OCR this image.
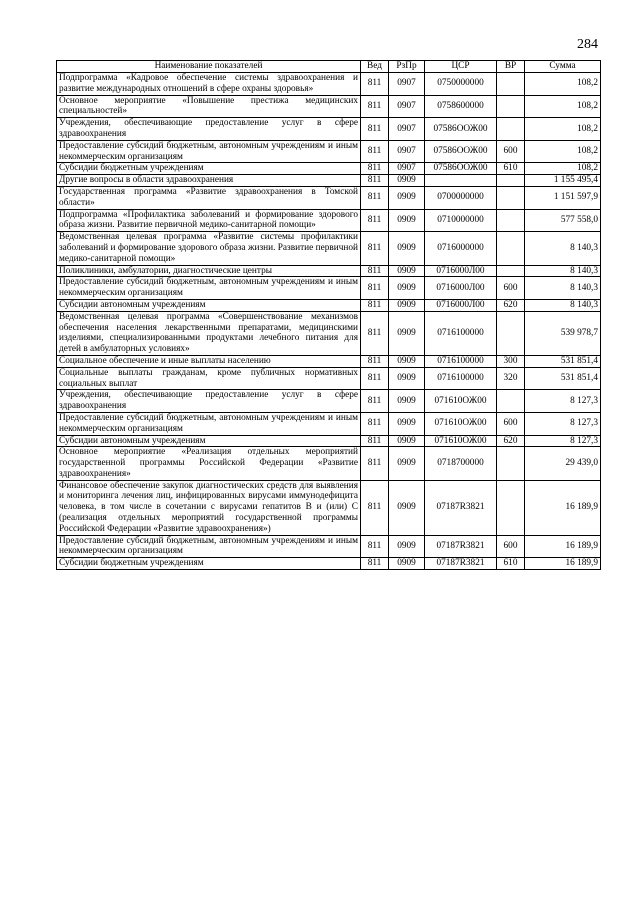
284
Наименование показателей	Вед	РзПр	ЦСР	ВР	Сумма
Подпрограмма «Кадровое обеспечение системы здравоохранения и развитие международных отношений в сфере охраны здоровья»	811	0907	0750000000		108,2
Основное мероприятие «Повышение престижа медицинских специальностей»	811	0907	0758600000		108,2
Учреждения, обеспечивающие предоставление услуг в сфере здравоохранения	811	0907	07586ООЖ00		108,2
Предоставление субсидий бюджетным, автономным учреждениям и иным некоммерческим организациям	811	0907	07586ООЖ00	600	108,2
Субсидии бюджетным учреждениям	811	0907	07586ООЖ00	610	108,2
Другие вопросы в области здравоохранения	811	0909			1 155 495,4
Государственная программа «Развитие здравоохранения в Томской области»	811	0909	0700000000		1 151 597,9
Подпрограмма «Профилактика заболеваний и формирование здорового образа жизни. Развитие первичной медико-санитарной помощи»	811	0909	0710000000		577 558,0
Ведомственная целевая программа «Развитие системы профилактики заболеваний и формирование здорового образа жизни. Развитие первичной медико-санитарной помощи»	811	0909	0716000000		8 140,3
Поликлиники, амбулатории, диагностические центры	811	0909	0716000Л00		8 140,3
Предоставление субсидий бюджетным, автономным учреждениям и иным некоммерческим организациям	811	0909	0716000Л00	600	8 140,3
Субсидии автономным учреждениям	811	0909	0716000Л00	620	8 140,3
Ведомственная целевая программа «Совершенствование механизмов обеспечения населения лекарственными препаратами, медицинскими изделиями, специализированными продуктами лечебного питания для детей в амбулаторных условиях»	811	0909	0716100000		539 978,7
Социальное обеспечение и иные выплаты населению	811	0909	0716100000	300	531 851,4
Социальные выплаты гражданам, кроме публичных нормативных социальных выплат	811	0909	0716100000	320	531 851,4
Учреждения, обеспечивающие предоставление услуг в сфере здравоохранения	811	0909	071610ОЖ00		8 127,3
Предоставление субсидий бюджетным, автономным учреждениям и иным некоммерческим организациям	811	0909	071610ОЖ00	600	8 127,3
Субсидии автономным учреждениям	811	0909	071610ОЖ00	620	8 127,3
Основное мероприятие «Реализация отдельных мероприятий государственной программы Российской Федерации «Развитие здравоохранения»	811	0909	0718700000		29 439,0
Финансовое обеспечение закупок диагностических средств для выявления и мониторинга лечения лиц, инфицированных вирусами иммунодефицита человека, в том числе в сочетании с вирусами гепатитов В и (или) С (реализация отдельных мероприятий государственной программы Российской Федерации «Развитие здравоохранения»)	811	0909	07187R3821		16 189,9
Предоставление субсидий бюджетным, автономным учреждениям и иным некоммерческим организациям	811	0909	07187R3821	600	16 189,9
Субсидии бюджетным учреждениям	811	0909	07187R3821	610	16 189,9
